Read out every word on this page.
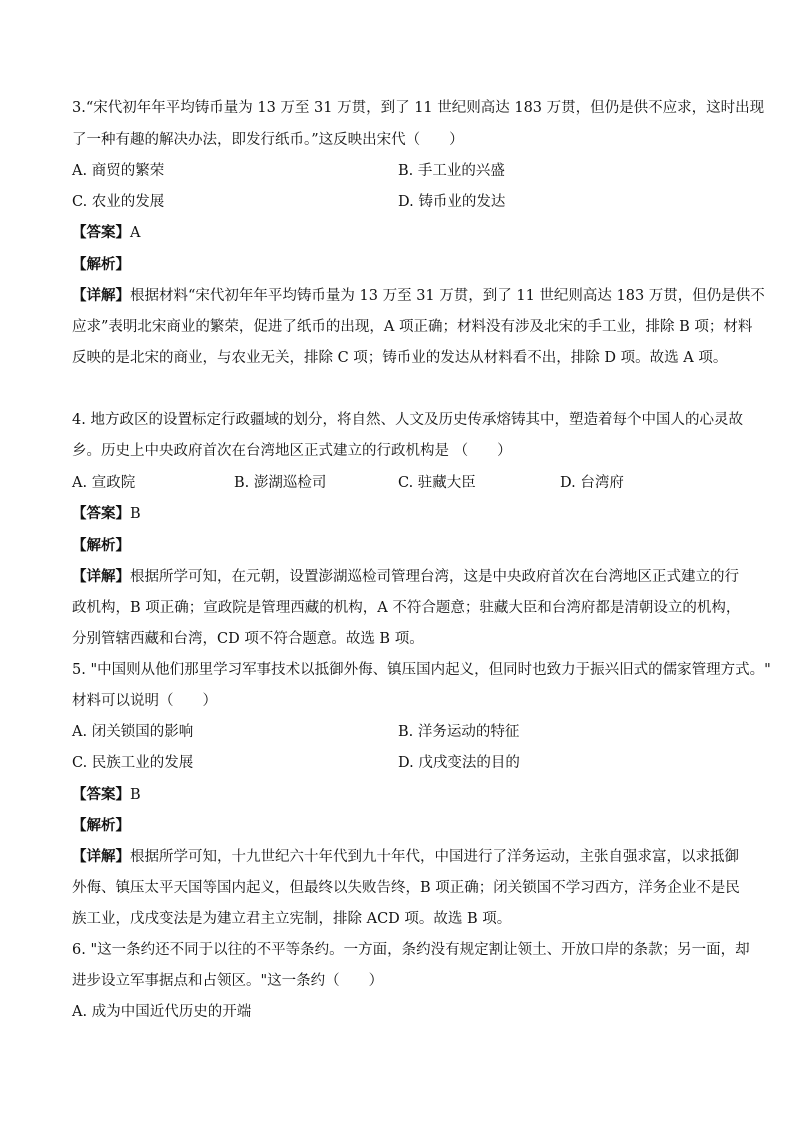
3.“宋代初年年平均铸币量为 13 万至 31 万贯，到了 11 世纪则高达 183 万贯，但仍是供不应求，这时出现
了一种有趣的解决办法，即发行纸币。”这反映出宋代（　　）
A. 商贸的繁荣	B. 手工业的兴盛
C. 农业的发展	D. 铸币业的发达
【答案】A
【解析】
【详解】根据材料“宋代初年年平均铸币量为 13 万至 31 万贯，到了 11 世纪则高达 183 万贯，但仍是供不
应求”表明北宋商业的繁荣，促进了纸币的出现，A 项正确；材料没有涉及北宋的手工业，排除 B 项；材料
反映的是北宋的商业，与农业无关，排除 C 项；铸币业的发达从材料看不出，排除 D 项。故选 A 项。
4. 地方政区的设置标定行政疆域的划分，将自然、人文及历史传承熔铸其中，塑造着每个中国人的心灵故
乡。历史上中央政府首次在台湾地区正式建立的行政机构是 （　　）
A. 宣政院	B. 澎湖巡检司	C. 驻藏大臣	D. 台湾府
【答案】B
【解析】
【详解】根据所学可知，在元朝，设置澎湖巡检司管理台湾，这是中央政府首次在台湾地区正式建立的行
政机构，B 项正确；宣政院是管理西藏的机构，A 不符合题意；驻藏大臣和台湾府都是清朝设立的机构，
分别管辖西藏和台湾，CD 项不符合题意。故选 B 项。
5. "中国则从他们那里学习军事技术以抵御外侮、镇压国内起义，但同时也致力于振兴旧式的儒家管理方式。"
材料可以说明（　　）
A. 闭关锁国的影响	B. 洋务运动的特征
C. 民族工业的发展	D. 戊戌变法的目的
【答案】B
【解析】
【详解】根据所学可知，十九世纪六十年代到九十年代，中国进行了洋务运动，主张自强求富，以求抵御
外侮、镇压太平天国等国内起义，但最终以失败告终，B 项正确；闭关锁国不学习西方，洋务企业不是民
族工业，戊戌变法是为建立君主立宪制，排除 ACD 项。故选 B 项。
6. "这一条约还不同于以往的不平等条约。一方面，条约没有规定割让领土、开放口岸的条款；另一面，却
进步设立军事据点和占领区。"这一条约（　　）
A. 成为中国近代历史的开端
